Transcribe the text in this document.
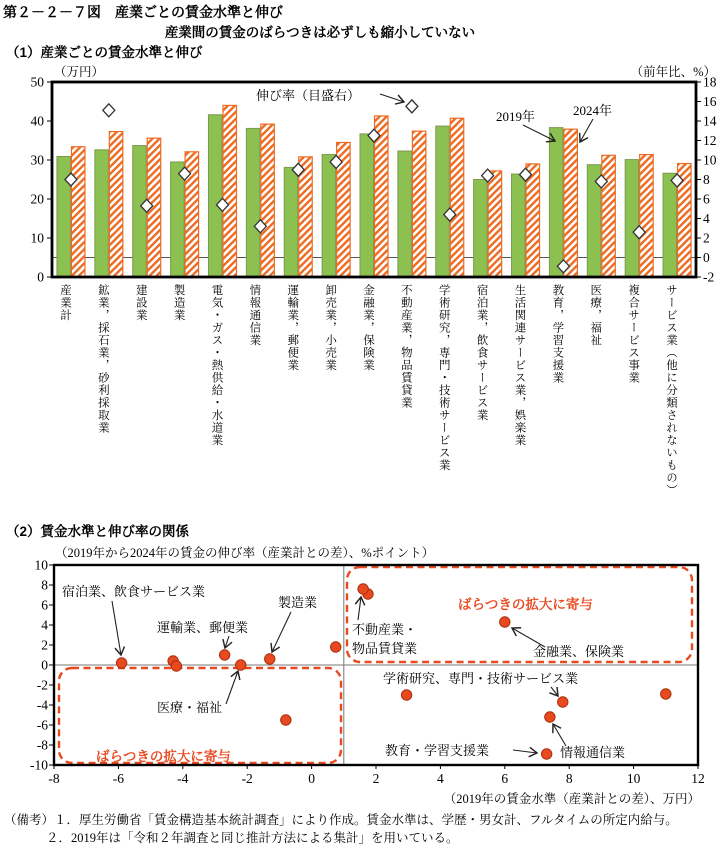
第２－２－７図　産業ごとの賃金水準と伸び
産業間の賃金のばらつきは必ずしも縮小していない
（1）産業ごとの賃金水準と伸び
0
10
20
30
40
50
-2
0
2
4
6
8
10
12
14
16
18
（万円）	（前年比、%）
伸び率（目盛右）
2019年	2024年
産業計 鉱業，採石業，砂利採取業 建設業 製造業 電気・ガス・熱供給・水道業 情報通信業 運輸業，郵便業 卸売業，小売業 金融業，保険業 不動産業，物品賃貸業 学術研究，専門・技術サービス業 宿泊業，飲食サービス業 生活関連サービス業，娯楽業 教育，学習支援業 医療，福祉 複合サービス事業 サービス業（他に分類されないもの）
（2）賃金水準と伸び率の関係
（2019年から2024年の賃金の伸び率（産業計との差）、%ポイント）
ばらつきの拡大に寄与
ばらつきの拡大に寄与
宿泊業、飲食サービス業
運輸業、郵便業
製造業
医療・福祉
不動産業・
物品賃貸業	金融業、保険業
学術研究、専門・技術サービス業
教育・学習支援業	情報通信業
-8	-6	-4	-2	0	2	4	6	8	10	12
-10
-8
-6
-4
-2
0
2
4
6
8
10
（2019年の賃金水準（産業計との差）、万円）
（備考）１．厚生労働省「賃金構造基本統計調査」により作成。賃金水準は、学歴・男女計、フルタイムの所定内給与。
２．2019年は「令和２年調査と同じ推計方法による集計」を用いている。
